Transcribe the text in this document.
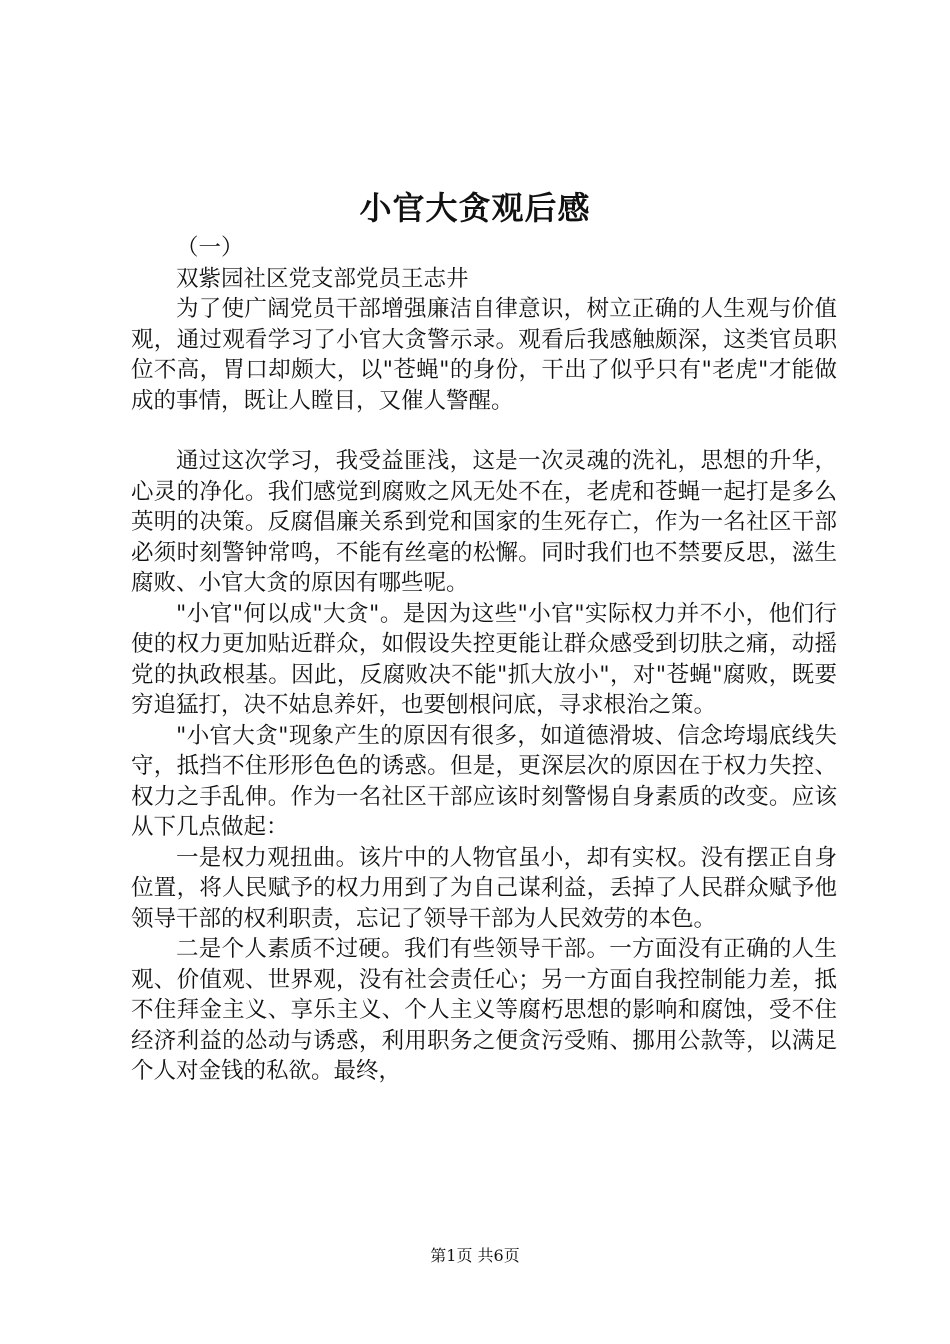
小官大贪观后感

（一）

双紫园社区党支部党员王志井

为了使广阔党员干部增强廉洁自律意识，树立正确的人生观与价值观，通过观看学习了小官大贪警示录。观看后我感触颇深，这类官员职位不高，胃口却颇大，以"苍蝇"的身份，干出了似乎只有"老虎"才能做成的事情，既让人瞠目，又催人警醒。

通过这次学习，我受益匪浅，这是一次灵魂的洗礼，思想的升华，心灵的净化。我们感觉到腐败之风无处不在，老虎和苍蝇一起打是多么英明的决策。反腐倡廉关系到党和国家的生死存亡，作为一名社区干部必须时刻警钟常鸣，不能有丝毫的松懈。同时我们也不禁要反思，滋生腐败、小官大贪的原因有哪些呢。

"小官"何以成"大贪"。是因为这些"小官"实际权力并不小，他们行使的权力更加贴近群众，如假设失控更能让群众感受到切肤之痛，动摇党的执政根基。因此，反腐败决不能"抓大放小"，对"苍蝇"腐败，既要穷追猛打，决不姑息养奸，也要刨根问底，寻求根治之策。

"小官大贪"现象产生的原因有很多，如道德滑坡、信念垮塌底线失守，抵挡不住形形色色的诱惑。但是，更深层次的原因在于权力失控、权力之手乱伸。作为一名社区干部应该时刻警惕自身素质的改变。应该从下几点做起：

一是权力观扭曲。该片中的人物官虽小，却有实权。没有摆正自身位置，将人民赋予的权力用到了为自己谋利益，丢掉了人民群众赋予他领导干部的权利职责，忘记了领导干部为人民效劳的本色。

二是个人素质不过硬。我们有些领导干部。一方面没有正确的人生观、价值观、世界观，没有社会责任心；另一方面自我控制能力差，抵不住拜金主义、享乐主义、个人主义等腐朽思想的影响和腐蚀，受不住经济利益的怂动与诱惑，利用职务之便贪污受贿、挪用公款等，以满足个人对金钱的私欲。最终，

第1页 共6页
